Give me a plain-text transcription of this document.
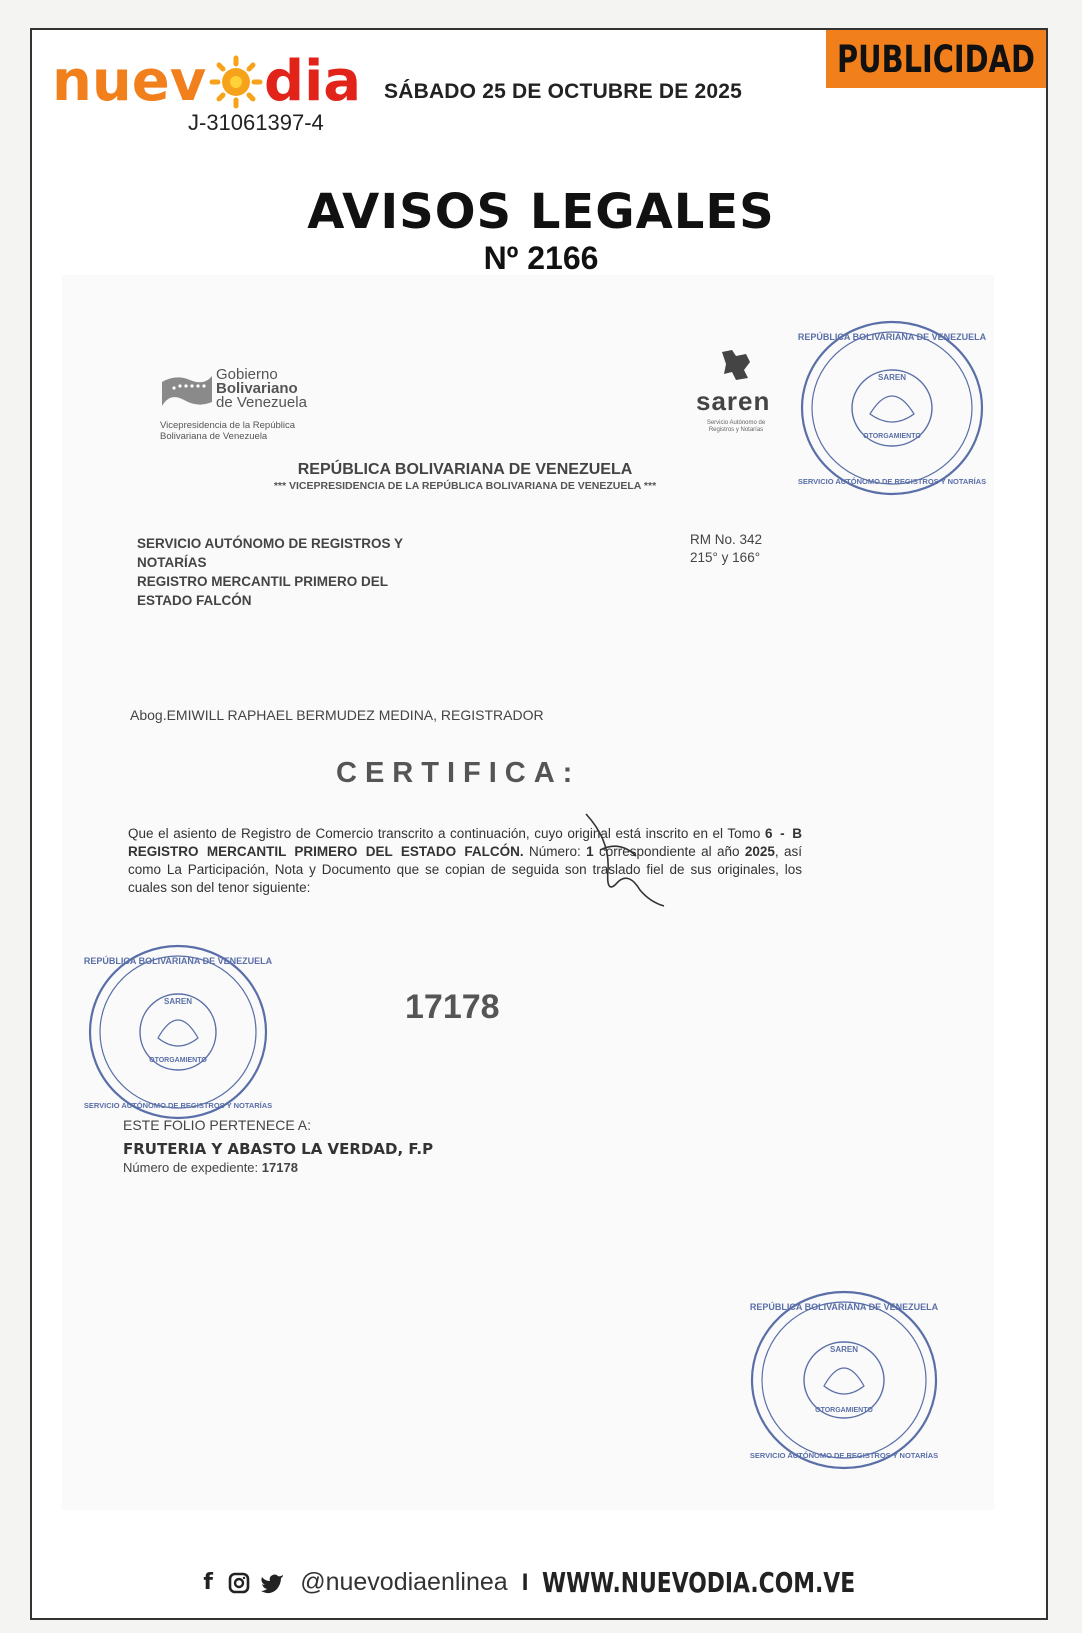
nuev dia
J-31061397-4
SÁBADO 25 DE OCTUBRE DE 2025
PUBLICIDAD
AVISOS LEGALES
Nº 2166
Gobierno
Bolivariano
de Venezuela
Vicepresidencia de la República
Bolivariana de Venezuela
saren
Servicio Autónomo de Registros y Notarías
REPÚBLICA BOLIVARIANA DE VENEZUELA
*** VICEPRESIDENCIA DE LA REPÚBLICA BOLIVARIANA DE VENEZUELA ***
SERVICIO AUTÓNOMO DE REGISTROS Y
NOTARÍAS
REGISTRO MERCANTIL PRIMERO DEL
ESTADO FALCÓN
RM No. 342
215° y 166°
Abog.EMIWILL RAPHAEL BERMUDEZ MEDINA, REGISTRADOR
CERTIFICA:
Que el asiento de Registro de Comercio transcrito a continuación, cuyo original está inscrito en el Tomo 6 - B REGISTRO MERCANTIL PRIMERO DEL ESTADO FALCÓN. Número: 1 correspondiente al año 2025, así como La Participación, Nota y Documento que se copian de seguida son traslado fiel de sus originales, los cuales son del tenor siguiente:
17178
ESTE FOLIO PERTENECE A:
FRUTERIA Y ABASTO LA VERDAD, F.P
Número de expediente: 17178
REPÚBLICA BOLIVARIANA DE VENEZUELA
SAREN
OTORGAMIENTO
SERVICIO AUTÓNOMO DE REGISTROS Y NOTARÍAS
REPÚBLICA BOLIVARIANA DE VENEZUELA
SAREN
OTORGAMIENTO
SERVICIO AUTÓNOMO DE REGISTROS Y NOTARÍAS
REPÚBLICA BOLIVARIANA DE VENEZUELA
SAREN
OTORGAMIENTO
SERVICIO AUTÓNOMO DE REGISTROS Y NOTARÍAS
f	@nuevodiaenlinea I WWW.NUEVODIA.COM.VE
